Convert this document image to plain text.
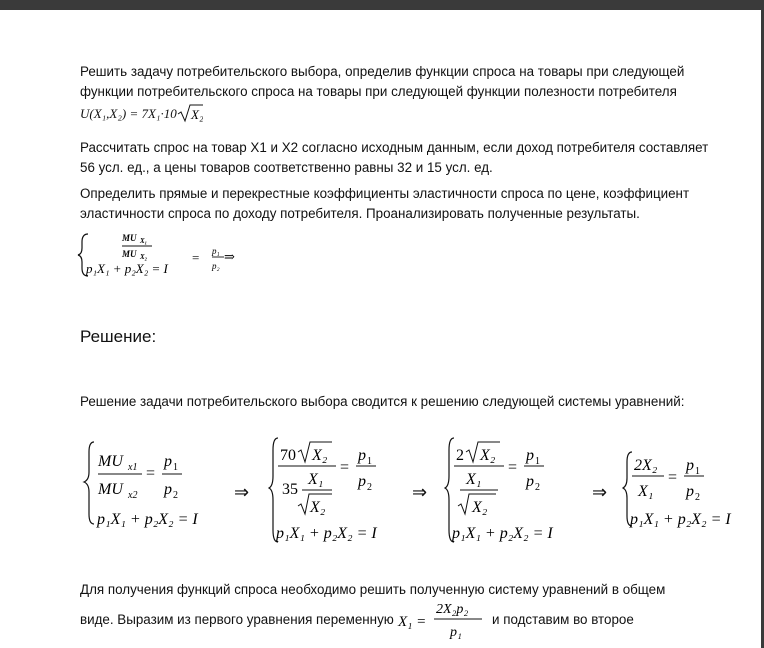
Решить задачу потребительского выбора, определив функции спроса на товары при следующей
функции потребительского спроса на товары при следующей функции полезности потребителя
U(X₁,X₂) = 7X₁·10 X₂
Рассчитать спрос на товар X1 и X2 согласно исходным данным, если доход потребителя составляет
56 усл. ед., а цены товаров соответственно равны 32 и 15 усл. ед.
Определить прямые и перекрестные коэффициенты эластичности спроса по цене, коэффициент
эластичности спроса по доходу потребителя. Проанализировать полученные результаты.
MU X₁
MU X₂	= p₁
p₂
⇒
p₁X₁ + p₂X₂ = I
Решение:
Решение задачи потребительского выбора сводится к решению следующей системы уравнений:
MU x1
MU x2
=
p 1
p 2
p₁X₁ + p₂X₂ = I
⇒
70 X₂
35
X₁
X₂
=
p 1
p 2
p₁X₁ + p₂X₂ = I
⇒
2 X₂
X₁
X₂
=
p 1
p 2
p₁X₁ + p₂X₂ = I
⇒
2X₂
X₁
=
p 1
p 2
p₁X₁ + p₂X₂ = I
Для получения функций спроса необходимо решить полученную систему уравнений в общем
виде. Выразим из первого уравнения переменную X₁ =
2X₂p₂
p₁
и подставим во второе
